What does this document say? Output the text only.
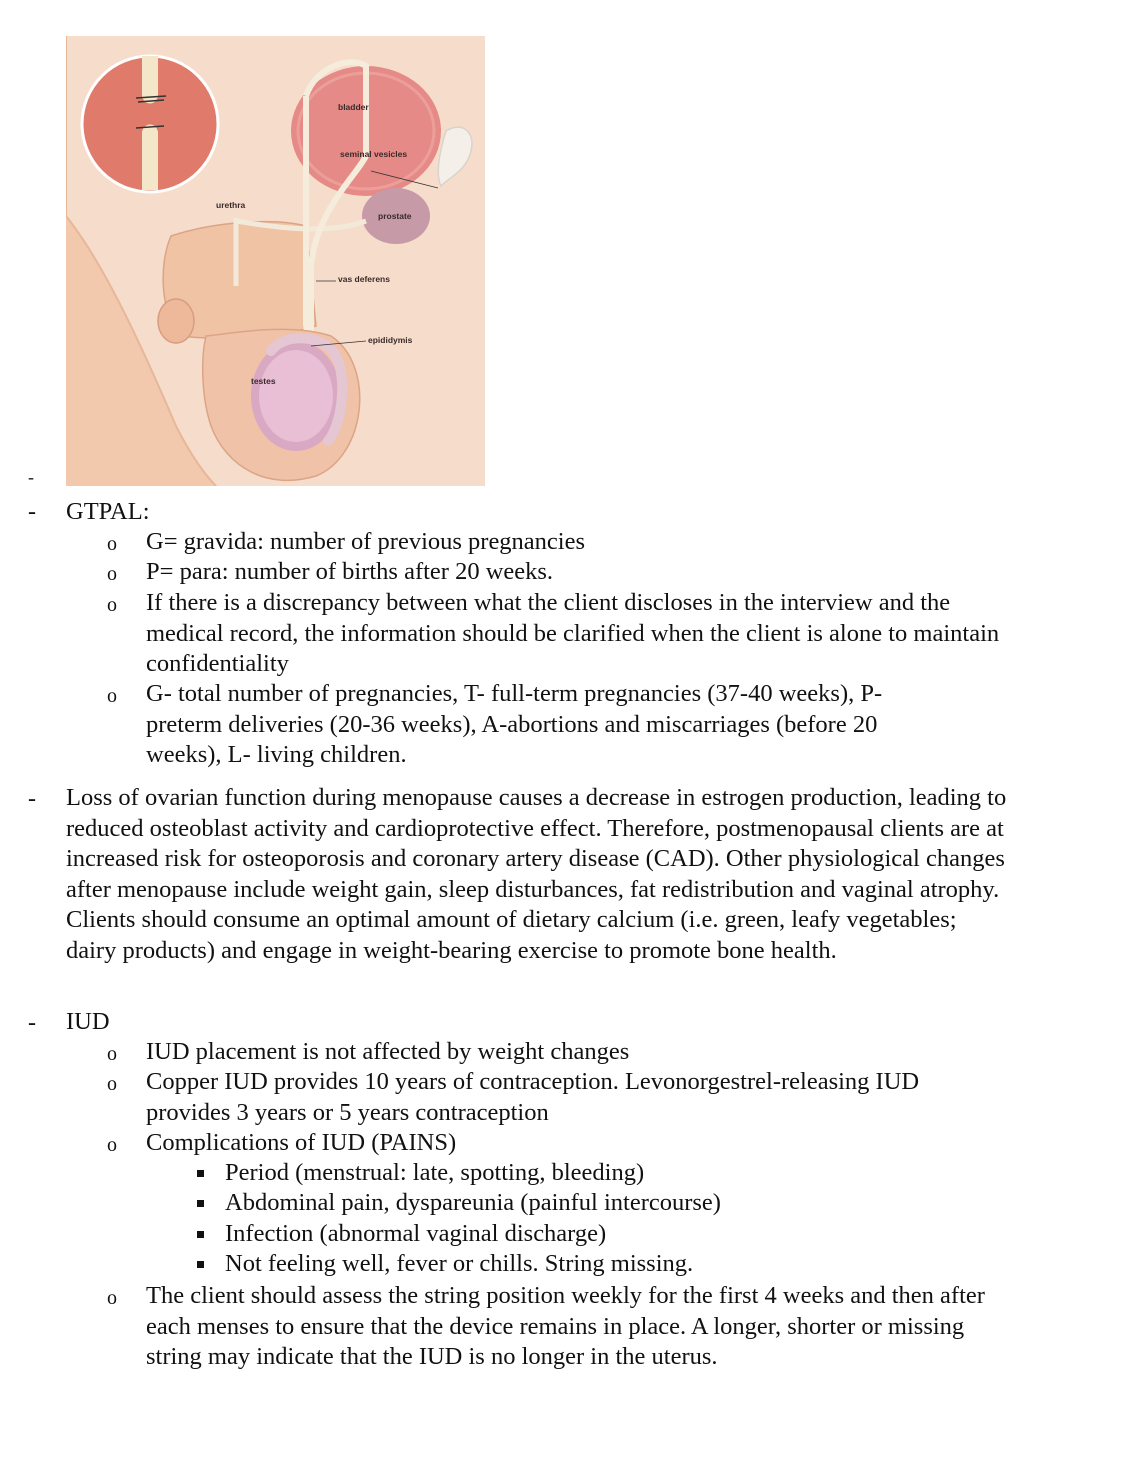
bladder
seminal vesicles
urethra
prostate
vas deferens
epididymis
testes
-
- GTPAL:
o G= gravida: number of previous pregnancies
o P= para: number of births after 20 weeks.
o If there is a discrepancy between what the client discloses in the interview and the medical record, the information should be clarified when the client is alone to maintain confidentiality
o G- total number of pregnancies, T- full-term pregnancies (37-40 weeks), P- preterm deliveries (20-36 weeks), A-abortions and miscarriages (before 20 weeks), L- living children.
- Loss of ovarian function during menopause causes a decrease in estrogen production, leading to reduced osteoblast activity and cardioprotective effect. Therefore, postmenopausal clients are at increased risk for osteoporosis and coronary artery disease (CAD). Other physiological changes after menopause include weight gain, sleep disturbances, fat redistribution and vaginal atrophy. Clients should consume an optimal amount of dietary calcium (i.e. green, leafy vegetables; dairy products) and engage in weight-bearing exercise to promote bone health.
- IUD
o IUD placement is not affected by weight changes
o Copper IUD provides 10 years of contraception. Levonorgestrel-releasing IUD provides 3 years or 5 years contraception
o Complications of IUD (PAINS)
Period (menstrual: late, spotting, bleeding)
Abdominal pain, dyspareunia (painful intercourse)
Infection (abnormal vaginal discharge)
Not feeling well, fever or chills. String missing.
o The client should assess the string position weekly for the first 4 weeks and then after each menses to ensure that the device remains in place. A longer, shorter or missing string may indicate that the IUD is no longer in the uterus.
